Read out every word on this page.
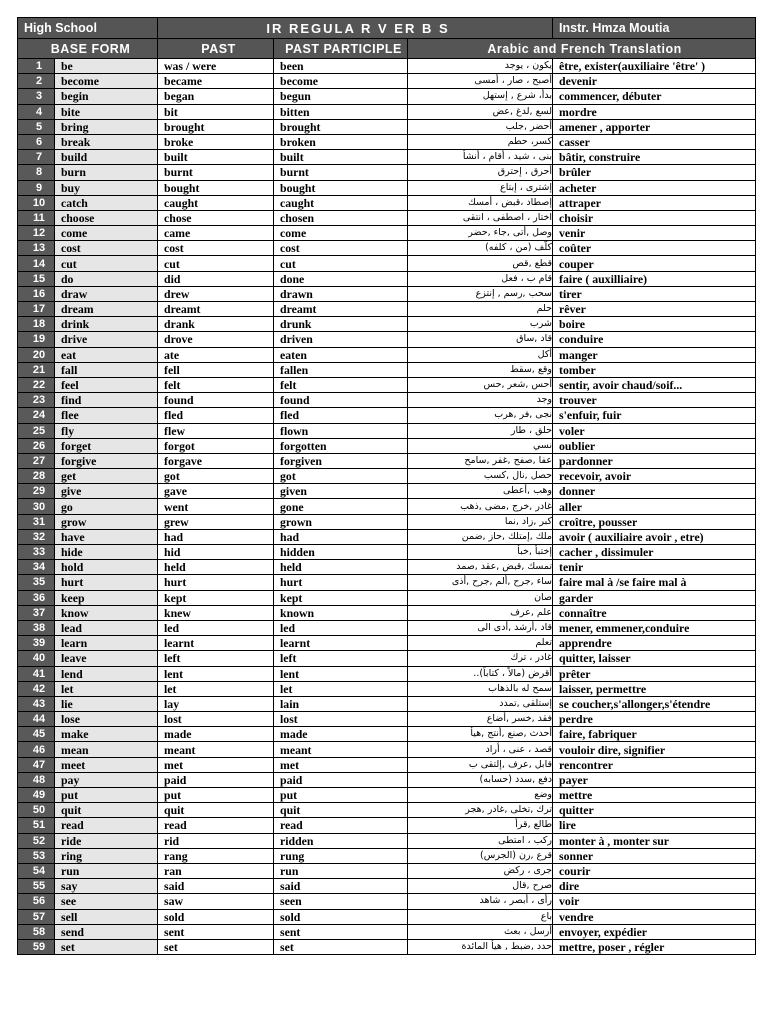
High School		IR REGULA R V ER B S			Instr. Hmza Moutia
BASE FORM		PAST	PAST PARTICIPLE	Arabic and French Translation	
1	be	was / were	been	يكون ، يوجد	être, exister(auxiliaire 'être' )
2	become	became	become	أصبح ، صار ، أمسى	devenir
3	begin	began	begun	بدأ، شرع , إستهل	commencer, débuter
4	bite	bit	bitten	لسع ,لدغ ,عض	mordre
5	bring	brought	brought	أحضر ,جلب	amener , apporter
6	break	broke	broken	كسر، حطم	casser
7	build	built	built	بنى ، شيد ، أقام ، أنشأ	bâtir, construire
8	burn	burnt	burnt	أحرق ، إحترق	brûler
9	buy	bought	bought	إشترى ، إبتاع	acheter
10	catch	caught	caught	إصطاد ،قبض ، أمسك	attraper
11	choose	chose	chosen	اختار ، اصطفى ، انتقى	choisir
12	come	came	come	وصل ,أتى ,جاء ,حضر	venir
13	cost	cost	cost	كلّف (من ، كلفه)	coûter
14	cut	cut	cut	قطع ,قص	couper
15	do	did	done	قام ب ، فعل	faire ( auxilliaire)
16	draw	drew	drawn	سحب ,رسم , إنتزع	tirer
17	dream	dreamt	dreamt	حلم	rêver
18	drink	drank	drunk	شرب	boire
19	drive	drove	driven	قاد ,ساق	conduire
20	eat	ate	eaten	أكل	manger
21	fall	fell	fallen	وقع ,سقط	tomber
22	feel	felt	felt	أحس ,شعر ,حس	sentir, avoir chaud/soif...
23	find	found	found	وجد	trouver
24	flee	fled	fled	نجى ,فر ,هرب	s'enfuir, fuir
25	fly	flew	flown	حلق ، طار	voler
26	forget	forgot	forgotten	نسي	oublier
27	forgive	forgave	forgiven	عفا ,صفح ,غفر ,سامح	pardonner
28	get	got	got	حصل ,نال ,كسب	recevoir, avoir
29	give	gave	given	وهب ,أعطى	donner
30	go	went	gone	غادر ,خرج ,مضى ,ذهب	aller
31	grow	grew	grown	كبر ,زاد ,نما	croître, pousser
32	have	had	had	ملك ,إمتلك ,حاز ,ضمن	avoir ( auxiliaire avoir , etre)
33	hide	hid	hidden	إختبأ ,خبأ	cacher , dissimuler
34	hold	held	held	تمسك ,قبض ,عقد ,صمد	tenir
35	hurt	hurt	hurt	ساء ,جرح ,ألم ,جرح ,أذى	faire mal à /se faire mal à
36	keep	kept	kept	صان	garder
37	know	knew	known	علم ,عرف	connaître
38	lead	led	led	قاد ,أرشد ,أدى الى	mener, emmener,conduire
39	learn	learnt	learnt	تعلم	apprendre
40	leave	left	left	غادر ، ترك	quitter, laisser
41	lend	lent	lent	أقرض (مالاً ، كتاباً)..	prêter
42	let	let	let	سمح له بالذهاب	laisser, permettre
43	lie	lay	lain	إستلقى ,تمدد	se coucher,s'allonger,s'étendre
44	lose	lost	lost	فقد ,خسر ,أضاع	perdre
45	make	made	made	أحدث ,صنع ,أنتج ,هيأ	faire, fabriquer
46	mean	meant	meant	قصد ، عنى ، أراد	vouloir dire, signifier
47	meet	met	met	قابل ,عرف ,إلتقى ب	rencontrer
48	pay	paid	paid	دفع ,سدد (حسابه)	payer
49	put	put	put	وضع	mettre
50	quit	quit	quit	ترك ,تخلى ,غادر ,هجر	quitter
51	read	read	read	طالع ,قرأ	lire
52	ride	rid	ridden	ركب ، امتطى	monter à , monter sur
53	ring	rang	rung	قرع ,رن (الجرس)	sonner
54	run	ran	run	جرى ، ركض	courir
55	say	said	said	صرح ,قال	dire
56	see	saw	seen	رأى ، أبصر ، شاهد	voir
57	sell	sold	sold	باع	vendre
58	send	sent	sent	أرسل ، بعث	envoyer, expédier
59	set	set	set	حدد ,ضبط , هيأ المائدة	mettre, poser , régler
